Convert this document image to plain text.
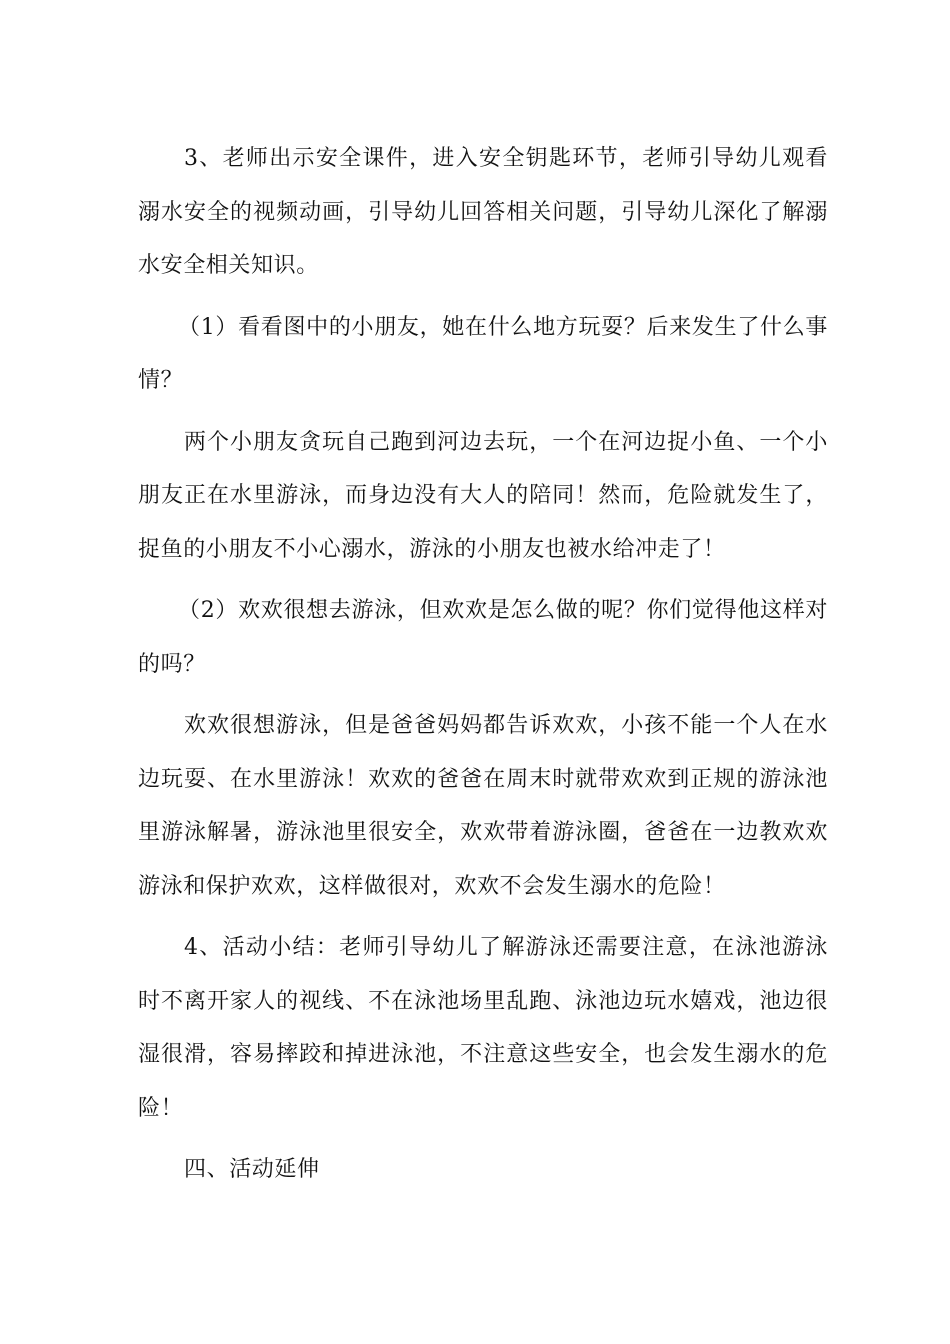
3、老师出示安全课件，进入安全钥匙环节，老师引导幼儿观看溺水安全的视频动画，引导幼儿回答相关问题，引导幼儿深化了解溺水安全相关知识。

（1）看看图中的小朋友，她在什么地方玩耍？后来发生了什么事情？

两个小朋友贪玩自己跑到河边去玩，一个在河边捉小鱼、一个小朋友正在水里游泳，而身边没有大人的陪同！然而，危险就发生了，捉鱼的小朋友不小心溺水，游泳的小朋友也被水给冲走了！

（2）欢欢很想去游泳，但欢欢是怎么做的呢？你们觉得他这样对的吗？

欢欢很想游泳，但是爸爸妈妈都告诉欢欢，小孩不能一个人在水边玩耍、在水里游泳！欢欢的爸爸在周末时就带欢欢到正规的游泳池里游泳解暑，游泳池里很安全，欢欢带着游泳圈，爸爸在一边教欢欢游泳和保护欢欢，这样做很对，欢欢不会发生溺水的危险！

4、活动小结：老师引导幼儿了解游泳还需要注意，在泳池游泳时不离开家人的视线、不在泳池场里乱跑、泳池边玩水嬉戏，池边很湿很滑，容易摔跤和掉进泳池，不注意这些安全，也会发生溺水的危险！

四、活动延伸
